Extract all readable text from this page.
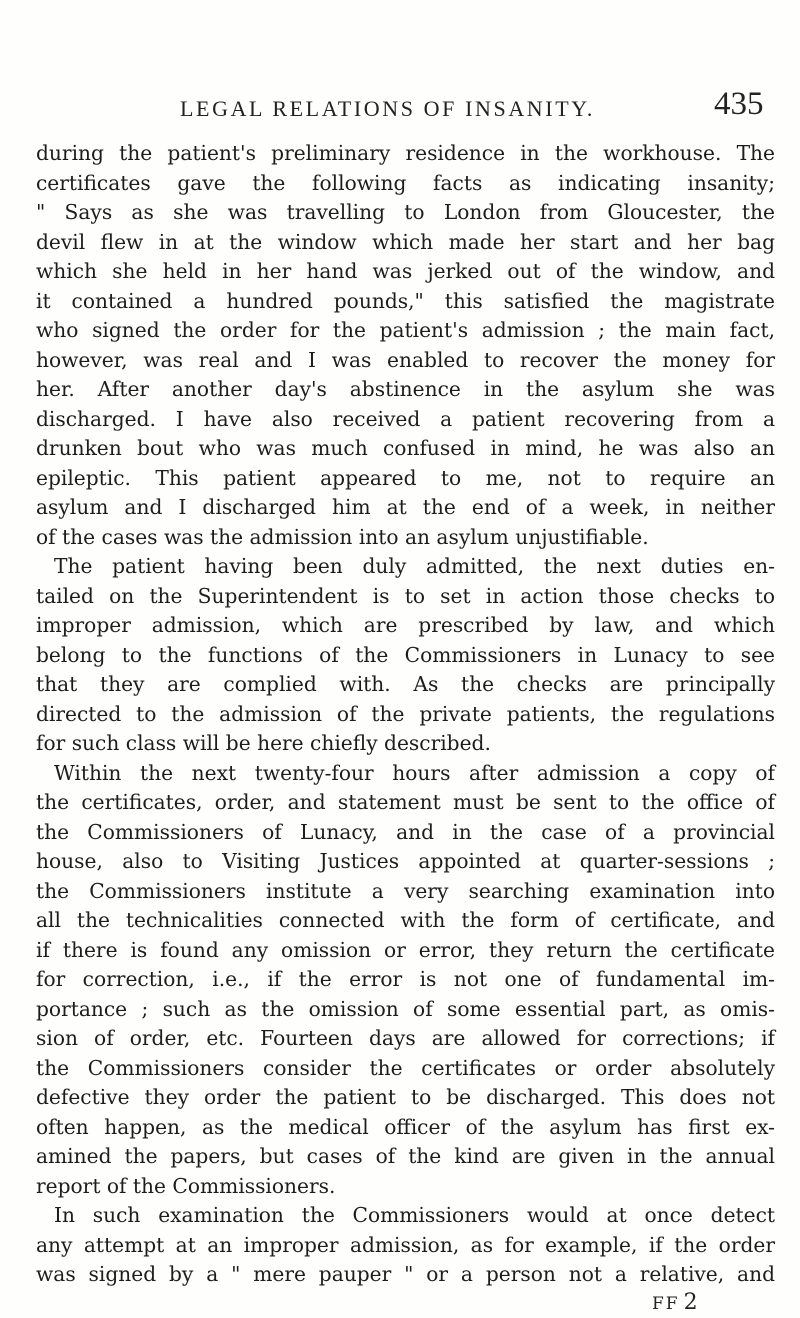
LEGAL RELATIONS OF INSANITY.	435
during the patient's preliminary residence in the workhouse. The
certificates gave the following facts as indicating insanity;
" Says as she was travelling to London from Gloucester, the
devil flew in at the window which made her start and her bag
which she held in her hand was jerked out of the window, and
it contained a hundred pounds," this satisfied the magistrate
who signed the order for the patient's admission ; the main fact,
however, was real and I was enabled to recover the money for
her. After another day's abstinence in the asylum she was
discharged. I have also received a patient recovering from a
drunken bout who was much confused in mind, he was also an
epileptic. This patient appeared to me, not to require an
asylum and I discharged him at the end of a week, in neither
of the cases was the admission into an asylum unjustifiable.
The patient having been duly admitted, the next duties en-
tailed on the Superintendent is to set in action those checks to
improper admission, which are prescribed by law, and which
belong to the functions of the Commissioners in Lunacy to see
that they are complied with. As the checks are principally
directed to the admission of the private patients, the regulations
for such class will be here chiefly described.
Within the next twenty-four hours after admission a copy of
the certificates, order, and statement must be sent to the office of
the Commissioners of Lunacy, and in the case of a provincial
house, also to Visiting Justices appointed at quarter-sessions ;
the Commissioners institute a very searching examination into
all the technicalities connected with the form of certificate, and
if there is found any omission or error, they return the certificate
for correction, i.e., if the error is not one of fundamental im-
portance ; such as the omission of some essential part, as omis-
sion of order, etc. Fourteen days are allowed for corrections; if
the Commissioners consider the certificates or order absolutely
defective they order the patient to be discharged. This does not
often happen, as the medical officer of the asylum has first ex-
amined the papers, but cases of the kind are given in the annual
report of the Commissioners.
In such examination the Commissioners would at once detect
any attempt at an improper admission, as for example, if the order
was signed by a " mere pauper " or a person not a relative, and
FF 2
